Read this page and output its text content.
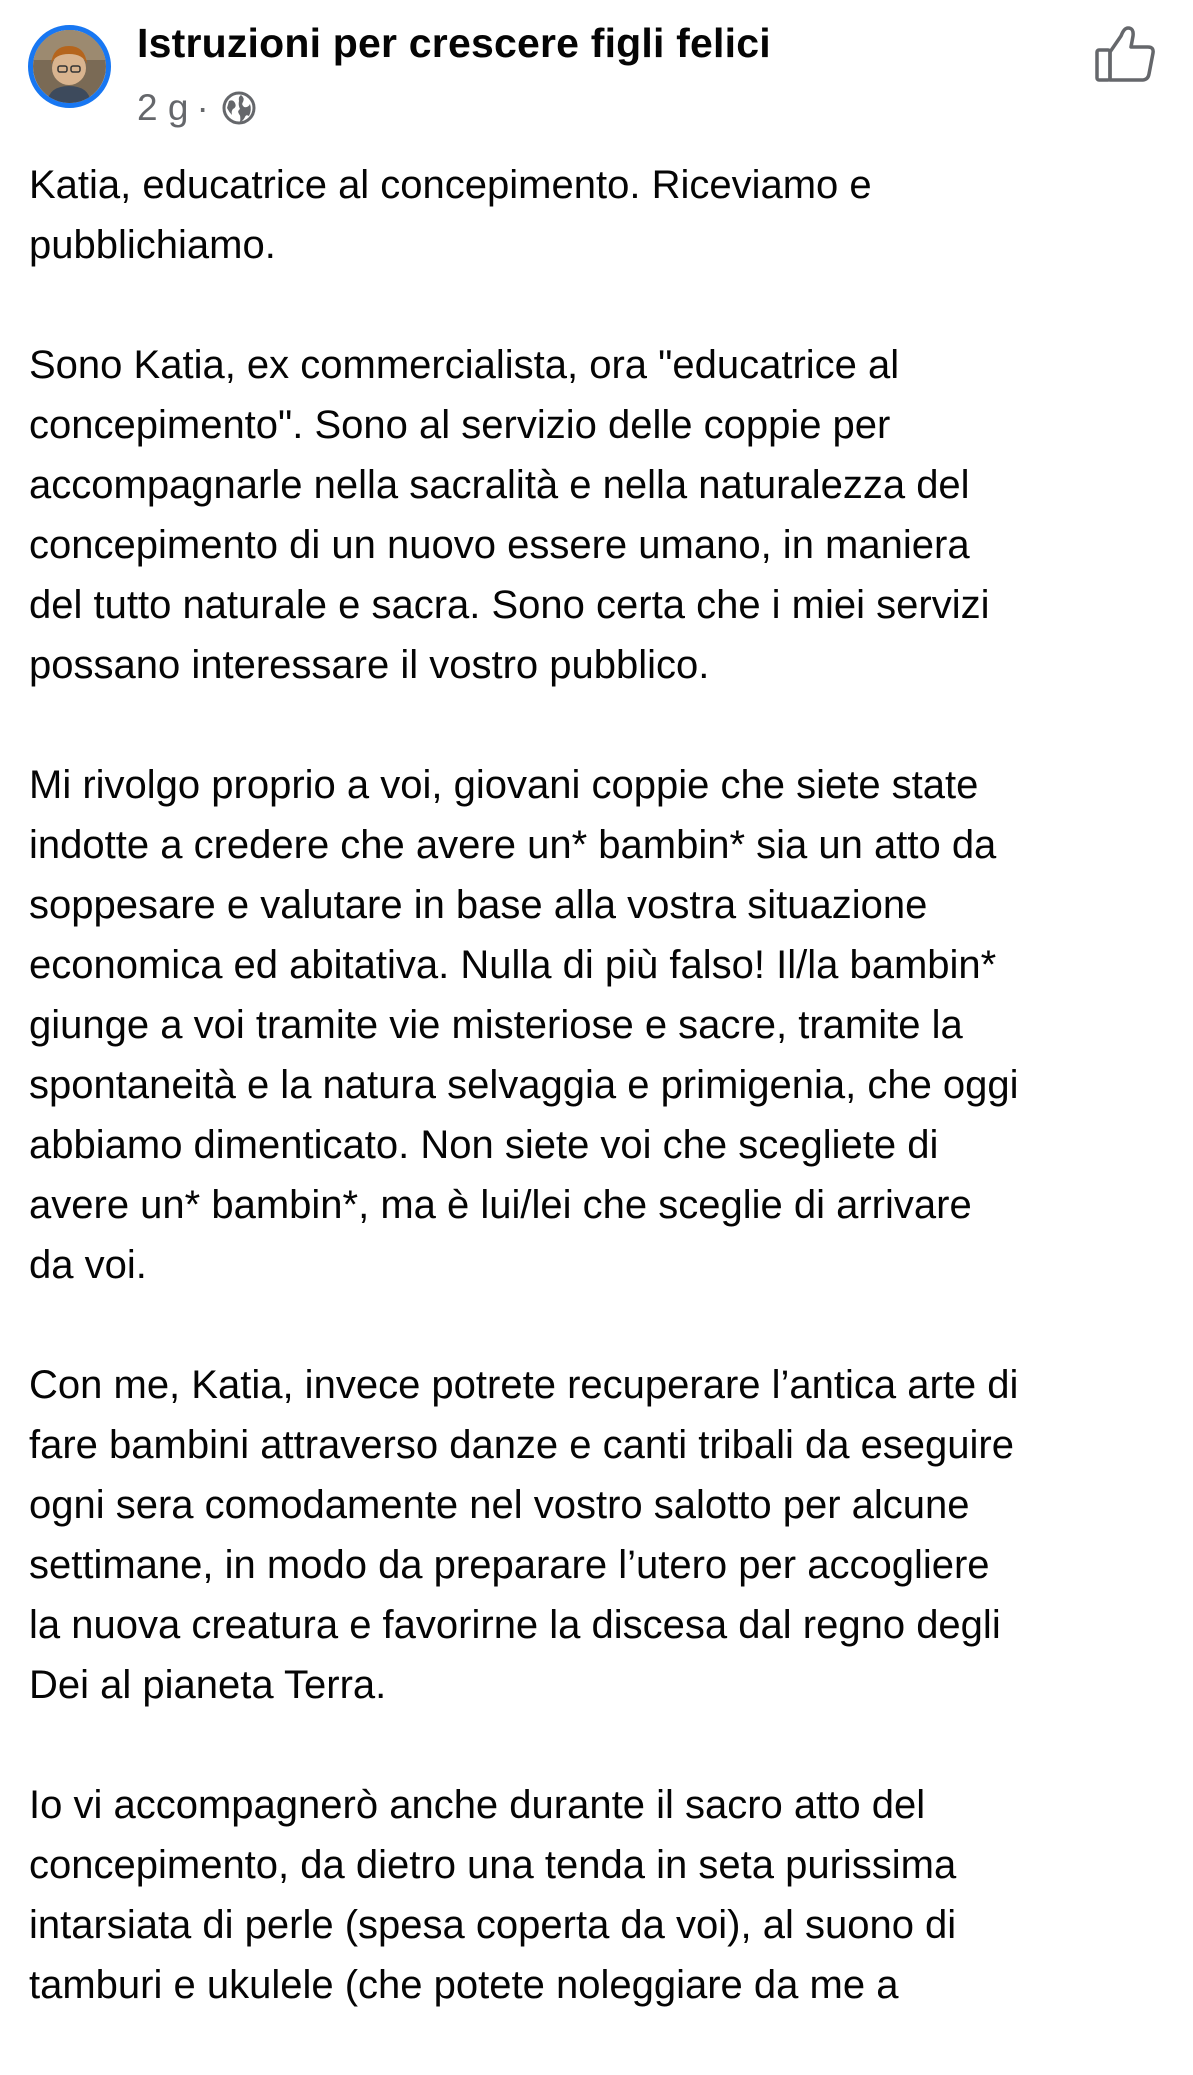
Istruzioni per crescere figli felici
2 g ·

Katia, educatrice al concepimento. Riceviamo e
pubblichiamo.

Sono Katia, ex commercialista, ora "educatrice al
concepimento". Sono al servizio delle coppie per
accompagnarle nella sacralità e nella naturalezza del
concepimento di un nuovo essere umano, in maniera
del tutto naturale e sacra. Sono certa che i miei servizi
possano interessare il vostro pubblico.

Mi rivolgo proprio a voi, giovani coppie che siete state
indotte a credere che avere un* bambin* sia un atto da
soppesare e valutare in base alla vostra situazione
economica ed abitativa. Nulla di più falso! Il/la bambin*
giunge a voi tramite vie misteriose e sacre, tramite la
spontaneità e la natura selvaggia e primigenia, che oggi
abbiamo dimenticato. Non siete voi che scegliete di
avere un* bambin*, ma è lui/lei che sceglie di arrivare
da voi.

Con me, Katia, invece potrete recuperare l’antica arte di
fare bambini attraverso danze e canti tribali da eseguire
ogni sera comodamente nel vostro salotto per alcune
settimane, in modo da preparare l’utero per accogliere
la nuova creatura e favorirne la discesa dal regno degli
Dei al pianeta Terra.

Io vi accompagnerò anche durante il sacro atto del
concepimento, da dietro una tenda in seta purissima
intarsiata di perle (spesa coperta da voi), al suono di
tamburi e ukulele (che potete noleggiare da me a
